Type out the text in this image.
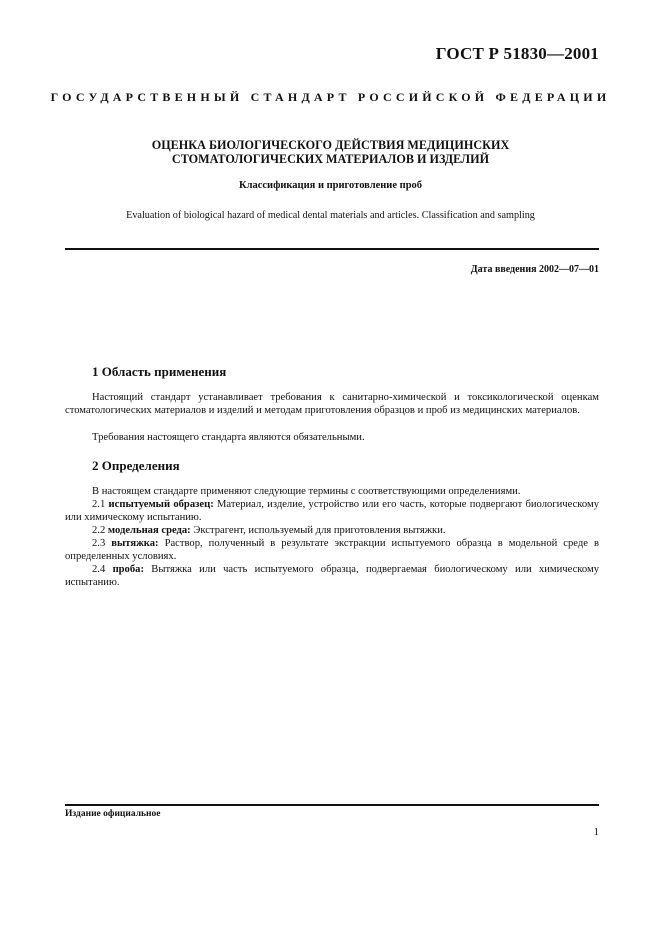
ГОСТ Р 51830—2001
ГОСУДАРСТВЕННЫЙ СТАНДАРТ РОССИЙСКОЙ ФЕДЕРАЦИИ
ОЦЕНКА БИОЛОГИЧЕСКОГО ДЕЙСТВИЯ МЕДИЦИНСКИХ
СТОМАТОЛОГИЧЕСКИХ МАТЕРИАЛОВ И ИЗДЕЛИЙ
Классификация и приготовление проб
Evaluation of biological hazard of medical dental materials and articles. Classification and sampling
Дата введения 2002—07—01
1 Область применения
Настоящий стандарт устанавливает требования к санитарно-химической и токсикологической оценкам стоматологических материалов и изделий и методам приготовления образцов и проб из медицинских материалов.
Требования настоящего стандарта являются обязательными.
2 Определения
В настоящем стандарте применяют следующие термины с соответствующими определениями.
2.1 испытуемый образец: Материал, изделие, устройство или его часть, которые подвергают биологическому или химическому испытанию.
2.2 модельная среда: Экстрагент, используемый для приготовления вытяжки.
2.3 вытяжка: Раствор, полученный в результате экстракции испытуемого образца в модельной среде в определенных условиях.
2.4 проба: Вытяжка или часть испытуемого образца, подвергаемая биологическому или химическому испытанию.
Издание официальное
1
